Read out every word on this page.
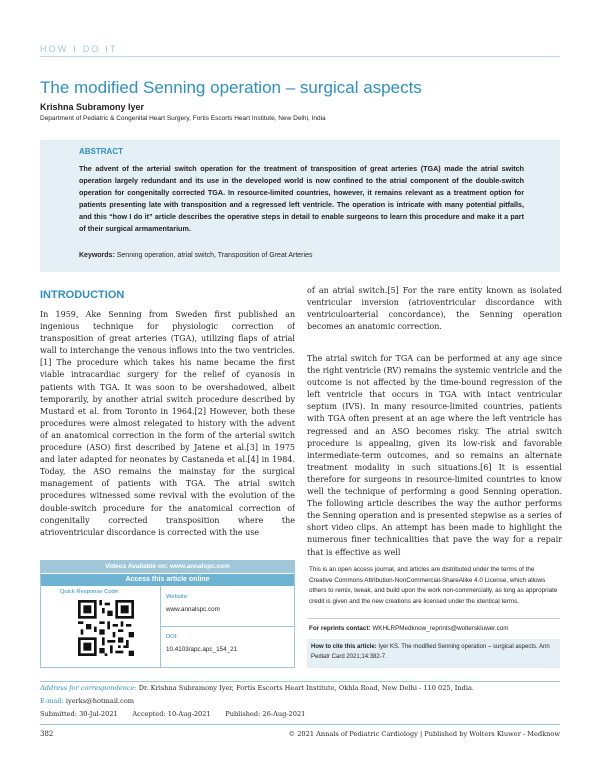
HOW I DO IT
The modified Senning operation – surgical aspects
Krishna Subramony Iyer
Department of Pediatric & Congenital Heart Surgery, Fortis Escorts Heart Institute, New Delhi, India
ABSTRACT
The advent of the arterial switch operation for the treatment of transposition of great arteries (TGA) made the atrial switch operation largely redundant and its use in the developed world is now confined to the atrial component of the double-switch operation for congenitally corrected TGA. In resource-limited countries, however, it remains relevant as a treatment option for patients presenting late with transposition and a regressed left ventricle. The operation is intricate with many potential pitfalls, and this “how I do it” article describes the operative steps in detail to enable surgeons to learn this procedure and make it a part of their surgical armamentarium.
Keywords: Senning operation, atrial switch, Transposition of Great Arteries
INTRODUCTION
In 1959, Ake Senning from Sweden first published an ingenious technique for physiologic correction of transposition of great arteries (TGA), utilizing flaps of atrial wall to interchange the venous inflows into the two ventricles.[1] The procedure which takes his name became the first viable intracardiac surgery for the relief of cyanosis in patients with TGA. It was soon to be overshadowed, albeit temporarily, by another atrial switch procedure described by Mustard et al. from Toronto in 1964.[2] However, both these procedures were almost relegated to history with the advent of an anatomical correction in the form of the arterial switch procedure (ASO) first described by Jatene et al.[3] in 1975 and later adapted for neonates by Castaneda et al.[4] in 1984. Today, the ASO remains the mainstay for the surgical management of patients with TGA. The atrial switch procedures witnessed some revival with the evolution of the double-switch procedure for the anatomical correction of congenitally corrected transposition where the atrioventricular discordance is corrected with the use
of an atrial switch.[5] For the rare entity known as isolated ventricular inversion (atrioventricular discordance with ventriculoarterial concordance), the Senning operation becomes an anatomic correction.
The atrial switch for TGA can be performed at any age since the right ventricle (RV) remains the systemic ventricle and the outcome is not affected by the time-bound regression of the left ventricle that occurs in TGA with intact ventricular septum (IVS). In many resource-limited countries, patients with TGA often present at an age where the left ventricle has regressed and an ASO becomes risky. The atrial switch procedure is appealing, given its low-risk and favorable intermediate-term outcomes, and so remains an alternate treatment modality in such situations.[6] It is essential therefore for surgeons in resource-limited countries to know well the technique of performing a good Senning operation. The following article describes the way the author performs the Senning operation and is presented stepwise as a series of short video clips. An attempt has been made to highlight the numerous finer technicalities that pave the way for a repair that is effective as well
Videos Available on: www.annalspc.com
Access this article online
Quick Response Code:
Website:
www.annalspc.com
DOI:
10.4103/apc.apc_154_21
This is an open access journal, and articles are distributed under the terms of the Creative Commons Attribution-NonCommercial-ShareAlike 4.0 License, which allows others to remix, tweak, and build upon the work non-commercially, as long as appropriate credit is given and the new creations are licensed under the identical terms.
For reprints contact: WKHLRPMedknow_reprints@wolterskluwer.com
How to cite this article: Iyer KS. The modified Senning operation – surgical aspects. Ann Pediatr Card 2021;14:382-7.
Address for correspondence: Dr. Krishna Subramony Iyer, Fortis Escorts Heart Institute, Okhla Road, New Delhi - 110 025, India.
E-mail: iyerks@hotmail.com
Submitted: 30-Jul-2021 Accepted: 10-Aug-2021 Published: 26-Aug-2021
382	© 2021 Annals of Pediatric Cardiology | Published by Wolters Kluwer - Medknow
